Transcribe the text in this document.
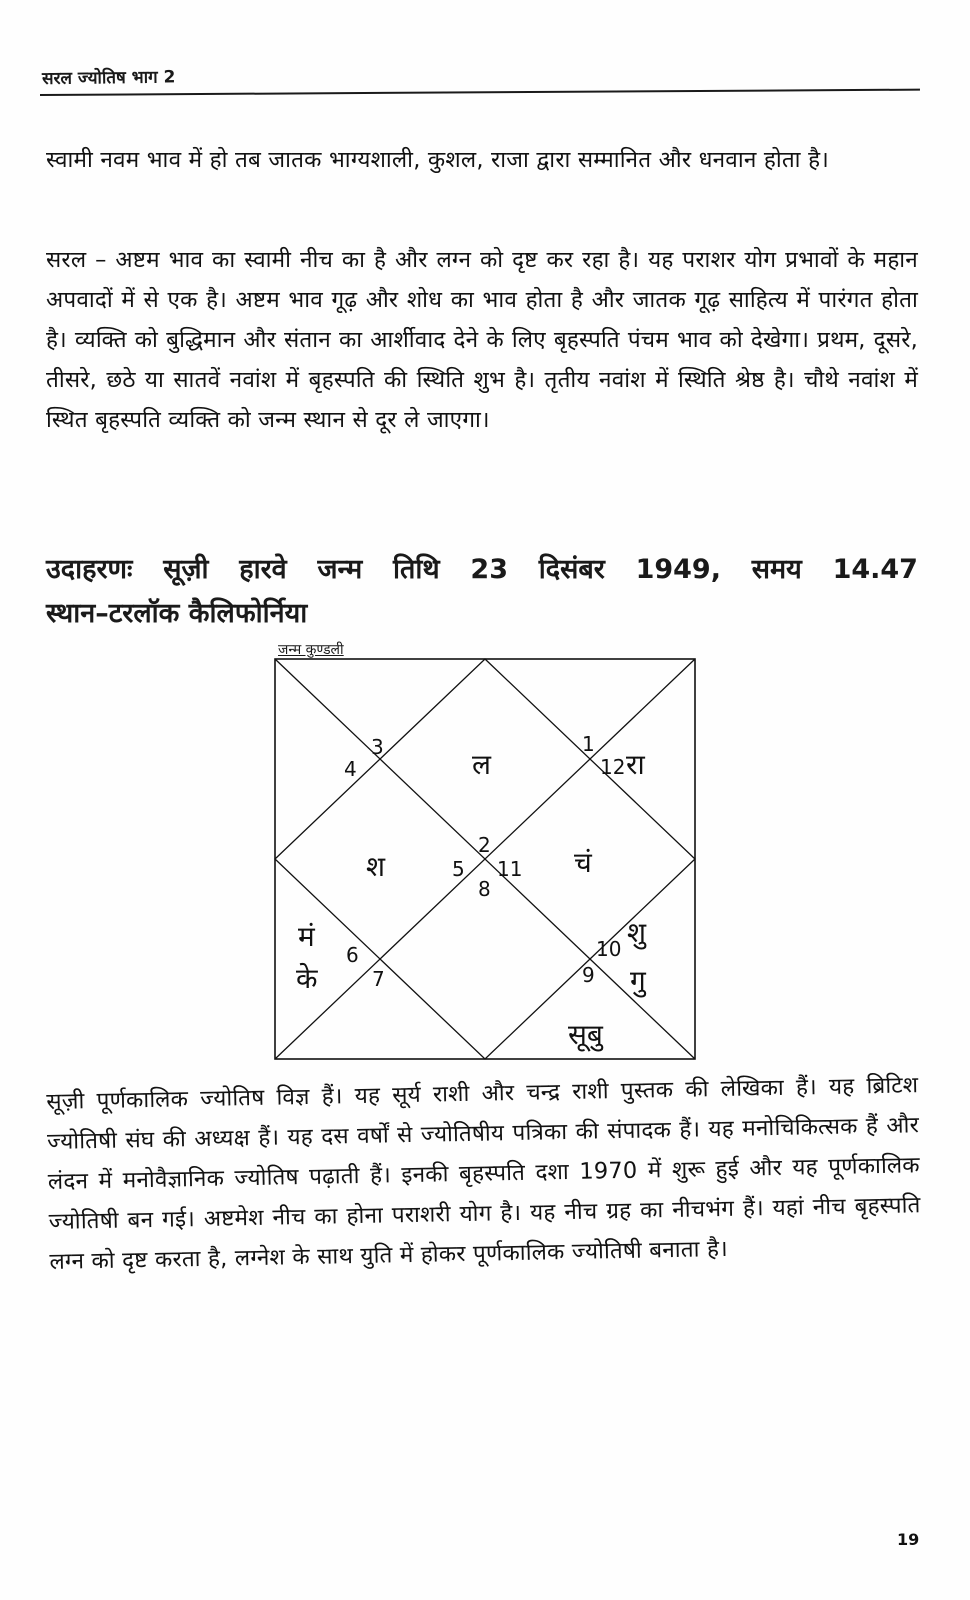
सरल ज्योतिष भाग 2

स्वामी नवम भाव में हो तब जातक भाग्यशाली, कुशल, राजा द्वारा सम्मानित और धनवान होता है।

सरल – अष्टम भाव का स्वामी नीच का है और लग्न को दृष्ट कर रहा है। यह पराशर योग प्रभावों के महान अपवादों में से एक है। अष्टम भाव गूढ़ और शोध का भाव होता है और जातक गूढ़ साहित्य में पारंगत होता है। व्यक्ति को बुद्धिमान और संतान का आर्शीवाद देने के लिए बृहस्पति पंचम भाव को देखेगा। प्रथम, दूसरे, तीसरे, छठे या सातवें नवांश में बृहस्पति की स्थिति शुभ है। तृतीय नवांश में स्थिति श्रेष्ठ है। चौथे नवांश में स्थित बृहस्पति व्यक्ति को जन्म स्थान से दूर ले जाएगा।

उदाहरणः सूज़ी हारवे जन्म तिथि 23 दिसंबर 1949, समय 14.47
स्थान–टरलॉक कैलिफोर्निया
जन्म कुण्डली
3
4
1
12
2
5 11
8
6
7
10
9
ल	रा
श	चं
मं
के
शु
गु
सूबु

सूज़ी पूर्णकालिक ज्योतिष विज्ञ हैं। यह सूर्य राशी और चन्द्र राशी पुस्तक की लेखिका हैं। यह ब्रिटिश ज्योतिषी संघ की अध्यक्ष हैं। यह दस वर्षों से ज्योतिषीय पत्रिका की संपादक हैं। यह मनोचिकित्सक हैं और लंदन में मनोवैज्ञानिक ज्योतिष पढ़ाती हैं। इनकी बृहस्पति दशा 1970 में शुरू हुई और यह पूर्णकालिक ज्योतिषी बन गई। अष्टमेश नीच का होना पराशरी योग है। यह नीच ग्रह का नीचभंग हैं। यहां नीच बृहस्पति लग्न को दृष्ट करता है, लग्नेश के साथ युति में होकर पूर्णकालिक ज्योतिषी बनाता है।

19
